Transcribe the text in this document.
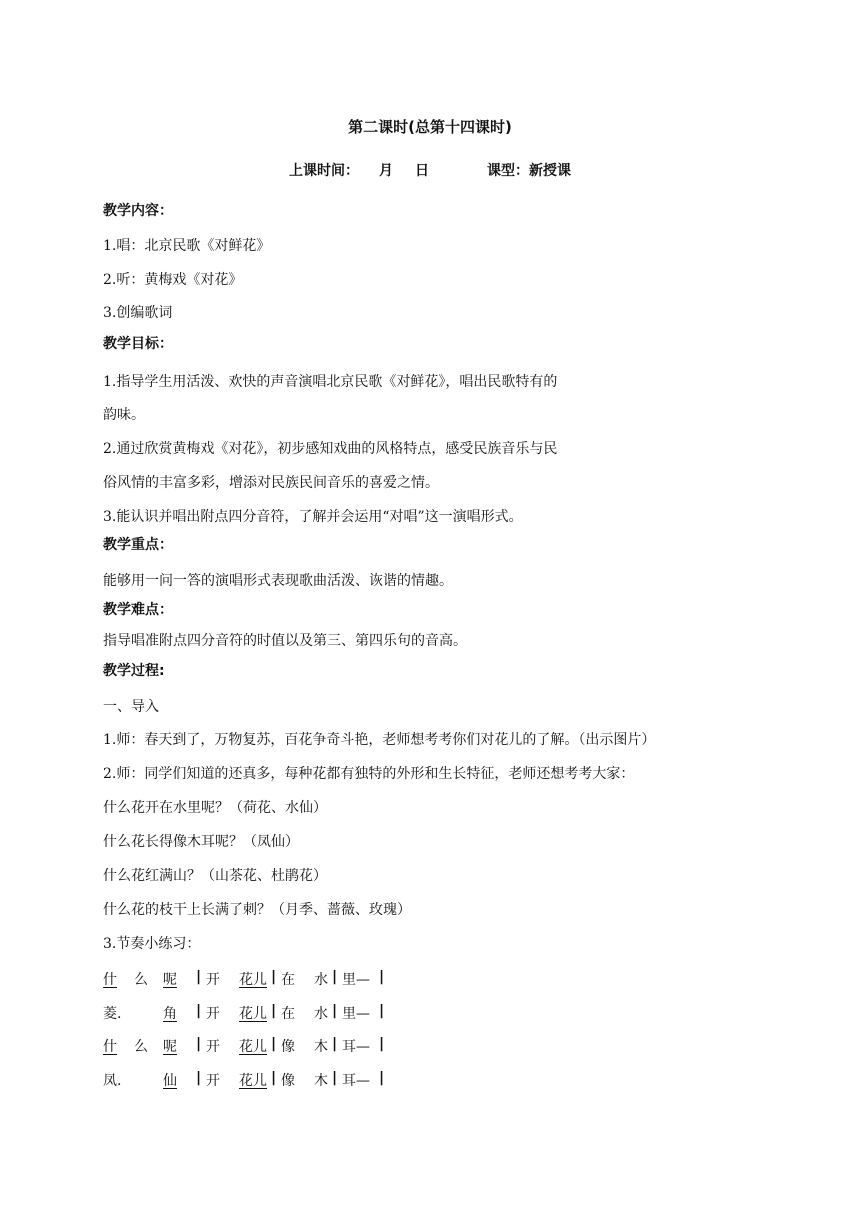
第二课时(总第十四课时)
上课时间： 月 日	课型：新授课
教学内容：
1.唱：北京民歌《对鲜花》
2.听：黄梅戏《对花》
3.创编歌词
教学目标：
1.指导学生用活泼、欢快的声音演唱北京民歌《对鲜花》，唱出民歌特有的
韵味。
2.通过欣赏黄梅戏《对花》，初步感知戏曲的风格特点，感受民族音乐与民
俗风情的丰富多彩，增添对民族民间音乐的喜爱之情。
3.能认识并唱出附点四分音符，了解并会运用“对唱”这一演唱形式。
教学重点：
能够用一问一答的演唱形式表现歌曲活泼、诙谐的情趣。
教学难点：
指导唱准附点四分音符的时值以及第三、第四乐句的音高。
教学过程:
一、导入
1.师：春天到了，万物复苏，百花争奇斗艳，老师想考考你们对花儿的了解。（出示图片）
2.师：同学们知道的还真多，每种花都有独特的外形和生长特征，老师还想考考大家：
什么花开在水里呢？（荷花、水仙）
什么花长得像木耳呢？（凤仙）
什么花红满山？（山茶花、杜鹃花）
什么花的枝干上长满了刺？（月季、蔷薇、玫瑰）
3.节奏小练习：
什 么 呢 | 开 花儿 | 在 水 | 里— |
菱.	角 | 开 花儿 | 在 水 | 里— |
什 么 呢 | 开 花儿 | 像 木 | 耳— |
凤.	仙 | 开 花儿 | 像 木 | 耳— |
